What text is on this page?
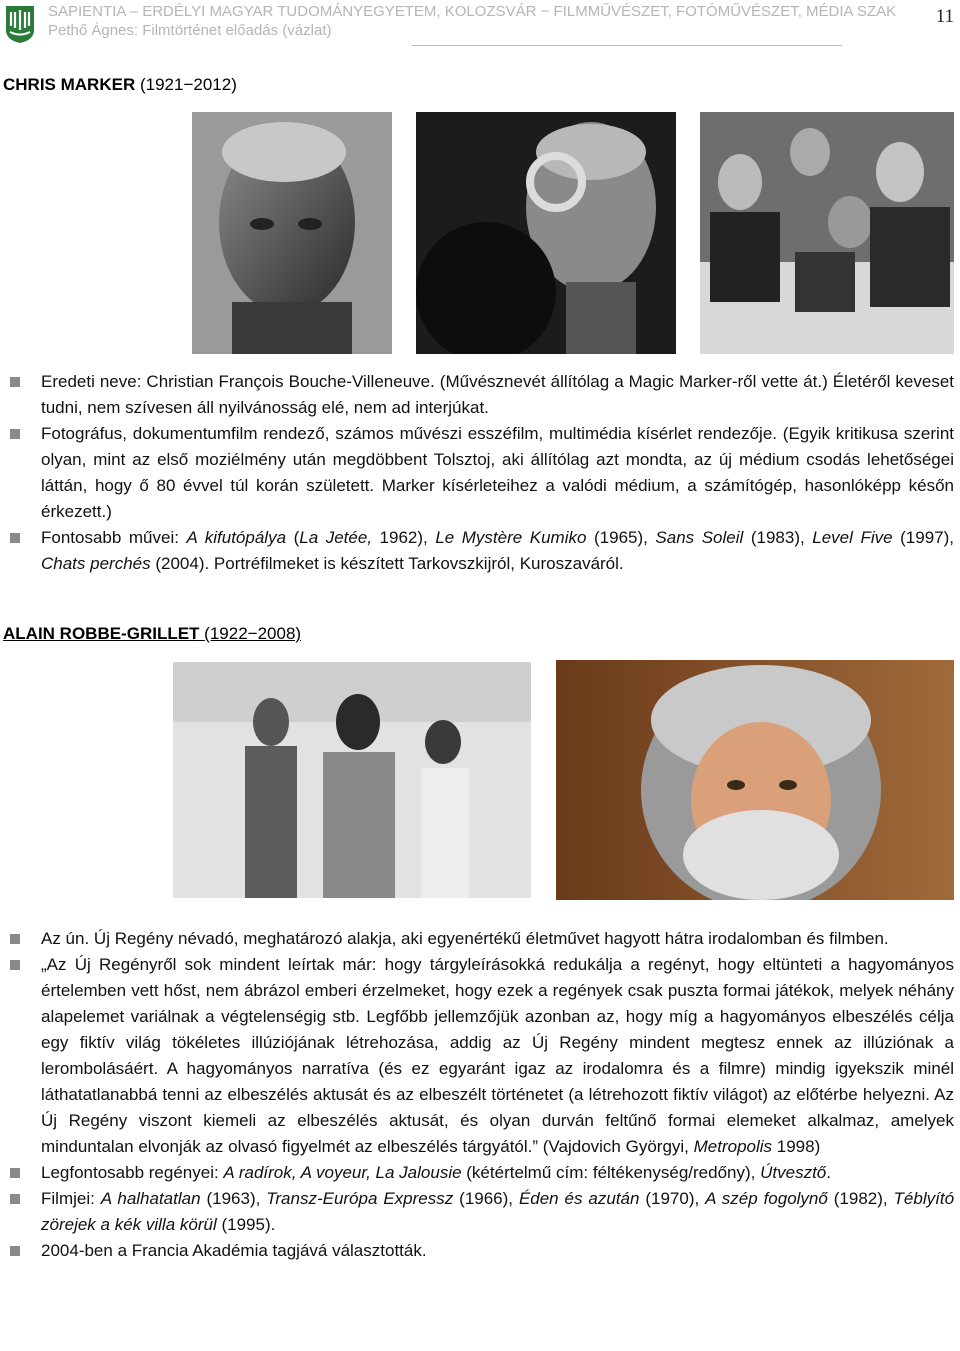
SAPIENTIA – ERDÉLYI MAGYAR TUDOMÁNYEGYETEM, KOLOZSVÁR − FILMMŰVÉSZET, FOTÓMŰVÉSZET, MÉDIA SZAK
Pethő Ágnes: Filmtörténet előadás (vázlat)
11
CHRIS MARKER (1921−2012)
Eredeti neve: Christian François Bouche-Villeneuve. (Művésznevét állítólag a Magic Marker-ről vette át.) Életéről keveset tudni, nem szívesen áll nyilvánosság elé, nem ad interjúkat.
Fotográfus, dokumentumfilm rendező, számos művészi esszéfilm, multimédia kísérlet rendezője. (Egyik kritikusa szerint olyan, mint az első moziélmény után megdöbbent Tolsztoj, aki állítólag azt mondta, az új médium csodás lehetőségei láttán, hogy ő 80 évvel túl korán született. Marker kísérleteihez a valódi médium, a számítógép, hasonlóképp későn érkezett.)
Fontosabb művei: A kifutópálya (La Jetée, 1962), Le Mystère Kumiko (1965), Sans Soleil (1983), Level Five (1997), Chats perchés (2004). Portréfilmeket is készített Tarkovszkijról, Kuroszaváról.
ALAIN ROBBE-GRILLET (1922−2008)
Az ún. Új Regény névadó, meghatározó alakja, aki egyenértékű életművet hagyott hátra irodalomban és filmben.
„Az Új Regényről sok mindent leírtak már: hogy tárgyleírásokká redukálja a regényt, hogy eltünteti a hagyományos értelemben vett hőst, nem ábrázol emberi érzelmeket, hogy ezek a regények csak puszta formai játékok, melyek néhány alapelemet variálnak a végtelenségig stb. Legfőbb jellemzőjük azonban az, hogy míg a hagyományos elbeszélés célja egy fiktív világ tökéletes illúziójának létrehozása, addig az Új Regény mindent megtesz ennek az illúziónak a lerombolásáért. A hagyományos narratíva (és ez egyaránt igaz az irodalomra és a filmre) mindig igyekszik minél láthatatlanabbá tenni az elbeszélés aktusát és az elbeszélt történetet (a létrehozott fiktív világot) az előtérbe helyezni. Az Új Regény viszont kiemeli az elbeszélés aktusát, és olyan durván feltűnő formai elemeket alkalmaz, amelyek minduntalan elvonják az olvasó figyelmét az elbeszélés tárgyától.” (Vajdovich Györgyi, Metropolis 1998)
Legfontosabb regényei: A radírok, A voyeur, La Jalousie (kétértelmű cím: féltékenység/redőny), Útvesztő.
Filmjei: A halhatatlan (1963), Transz-Európa Expressz (1966), Éden és azután (1970), A szép fogolynő (1982), Téblyító zörejek a kék villa körül (1995).
2004-ben a Francia Akadémia tagjává választották.
